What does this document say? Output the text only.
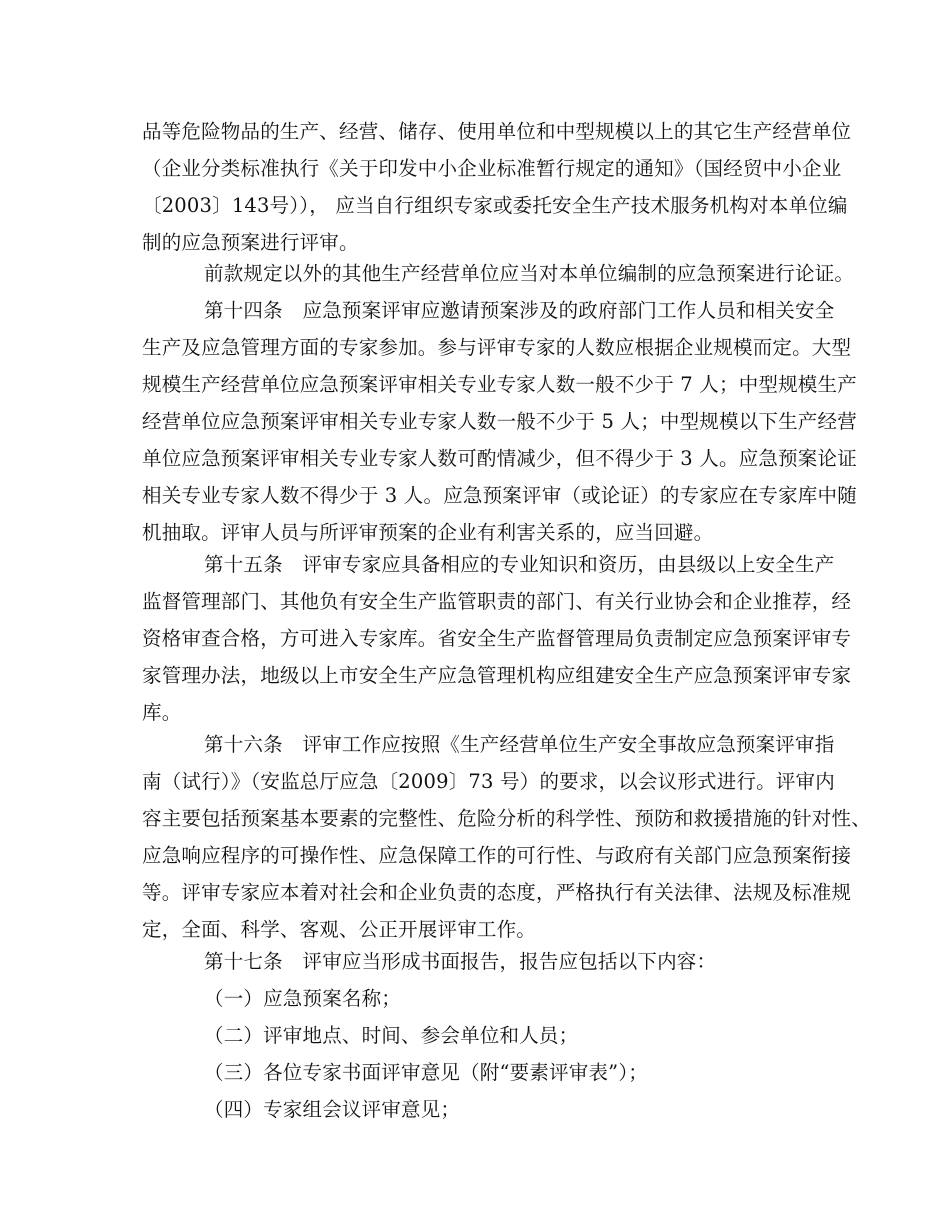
品等危险物品的生产、经营、储存、使用单位和中型规模以上的其它生产经营单位
（企业分类标准执行《关于印发中小企业标准暂行规定的通知》（国经贸中小企业
〔2003〕143号））， 应当自行组织专家或委托安全生产技术服务机构对本单位编
制的应急预案进行评审。
前款规定以外的其他生产经营单位应当对本单位编制的应急预案进行论证。
第十四条　应急预案评审应邀请预案涉及的政府部门工作人员和相关安全
生产及应急管理方面的专家参加。参与评审专家的人数应根据企业规模而定。大型
规模生产经营单位应急预案评审相关专业专家人数一般不少于 7 人；中型规模生产
经营单位应急预案评审相关专业专家人数一般不少于 5 人；中型规模以下生产经营
单位应急预案评审相关专业专家人数可酌情减少，但不得少于 3 人。应急预案论证
相关专业专家人数不得少于 3 人。应急预案评审（或论证）的专家应在专家库中随
机抽取。评审人员与所评审预案的企业有利害关系的，应当回避。
第十五条　评审专家应具备相应的专业知识和资历，由县级以上安全生产
监督管理部门、其他负有安全生产监管职责的部门、有关行业协会和企业推荐，经
资格审查合格，方可进入专家库。省安全生产监督管理局负责制定应急预案评审专
家管理办法，地级以上市安全生产应急管理机构应组建安全生产应急预案评审专家
库。
第十六条　评审工作应按照《生产经营单位生产安全事故应急预案评审指
南（试行）》（安监总厅应急〔2009〕73 号）的要求，以会议形式进行。评审内
容主要包括预案基本要素的完整性、危险分析的科学性、预防和救援措施的针对性、
应急响应程序的可操作性、应急保障工作的可行性、与政府有关部门应急预案衔接
等。评审专家应本着对社会和企业负责的态度，严格执行有关法律、法规及标准规
定，全面、科学、客观、公正开展评审工作。
第十七条　评审应当形成书面报告，报告应包括以下内容：
（一）应急预案名称；
（二）评审地点、时间、参会单位和人员；
（三）各位专家书面评审意见（附“要素评审表”）；
（四）专家组会议评审意见；
